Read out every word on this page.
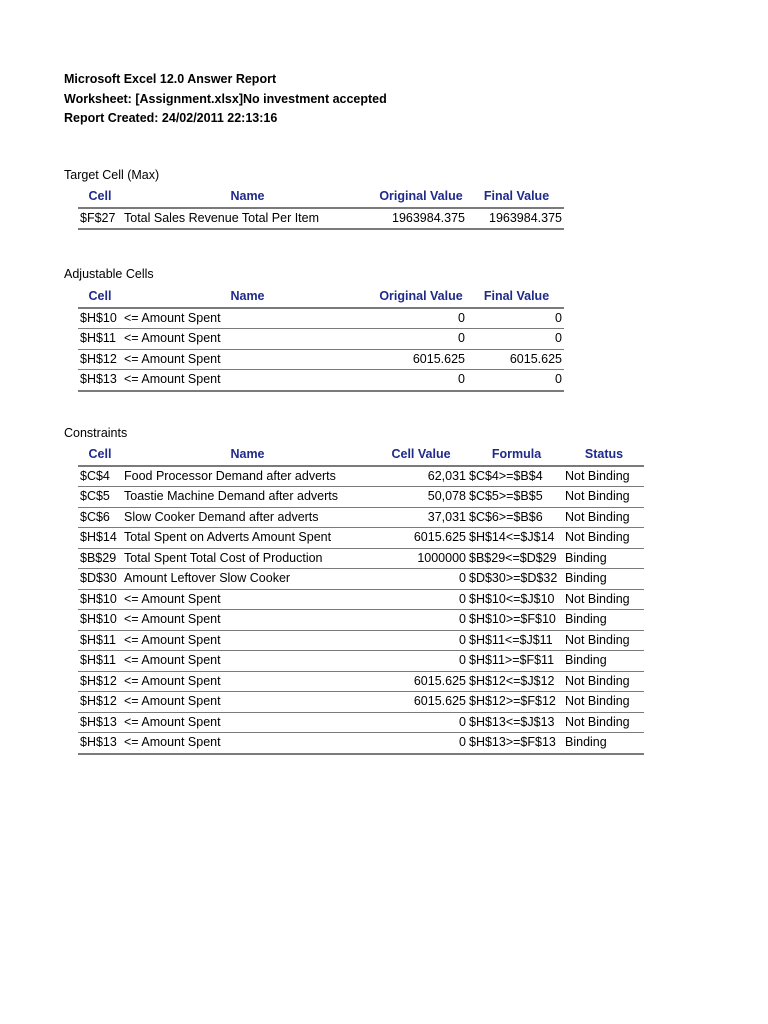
Microsoft Excel 12.0 Answer Report
Worksheet: [Assignment.xlsx]No investment accepted
Report Created: 24/02/2011 22:13:16
Target Cell (Max)
Cell	Name	Original Value	Final Value
$F$27 Total Sales Revenue Total Per Item	1963984.375	1963984.375
Adjustable Cells
Cell	Name	Original Value	Final Value
$H$10 <= Amount Spent	0	0
$H$11 <= Amount Spent	0	0
$H$12 <= Amount Spent	6015.625	6015.625
$H$13 <= Amount Spent	0	0
Constraints
Cell	Name	Cell Value	Formula	Status
$C$4	Food Processor Demand after adverts	62,031 $C$4>=$B$4	Not Binding
$C$5	Toastie Machine Demand after adverts	50,078 $C$5>=$B$5	Not Binding
$C$6	Slow Cooker Demand after adverts	37,031 $C$6>=$B$6	Not Binding
$H$14 Total Spent on Adverts Amount Spent	6015.625 $H$14<=$J$14 Not Binding
$B$29 Total Spent Total Cost of Production	1000000 $B$29<=$D$29 Binding
$D$30 Amount Leftover Slow Cooker	0 $D$30>=$D$32 Binding
$H$10 <= Amount Spent	0 $H$10<=$J$10 Not Binding
$H$10 <= Amount Spent	0 $H$10>=$F$10 Binding
$H$11 <= Amount Spent	0 $H$11<=$J$11 Not Binding
$H$11 <= Amount Spent	0 $H$11>=$F$11 Binding
$H$12 <= Amount Spent	6015.625 $H$12<=$J$12 Not Binding
$H$12 <= Amount Spent	6015.625 $H$12>=$F$12 Not Binding
$H$13 <= Amount Spent	0 $H$13<=$J$13 Not Binding
$H$13 <= Amount Spent	0 $H$13>=$F$13 Binding
